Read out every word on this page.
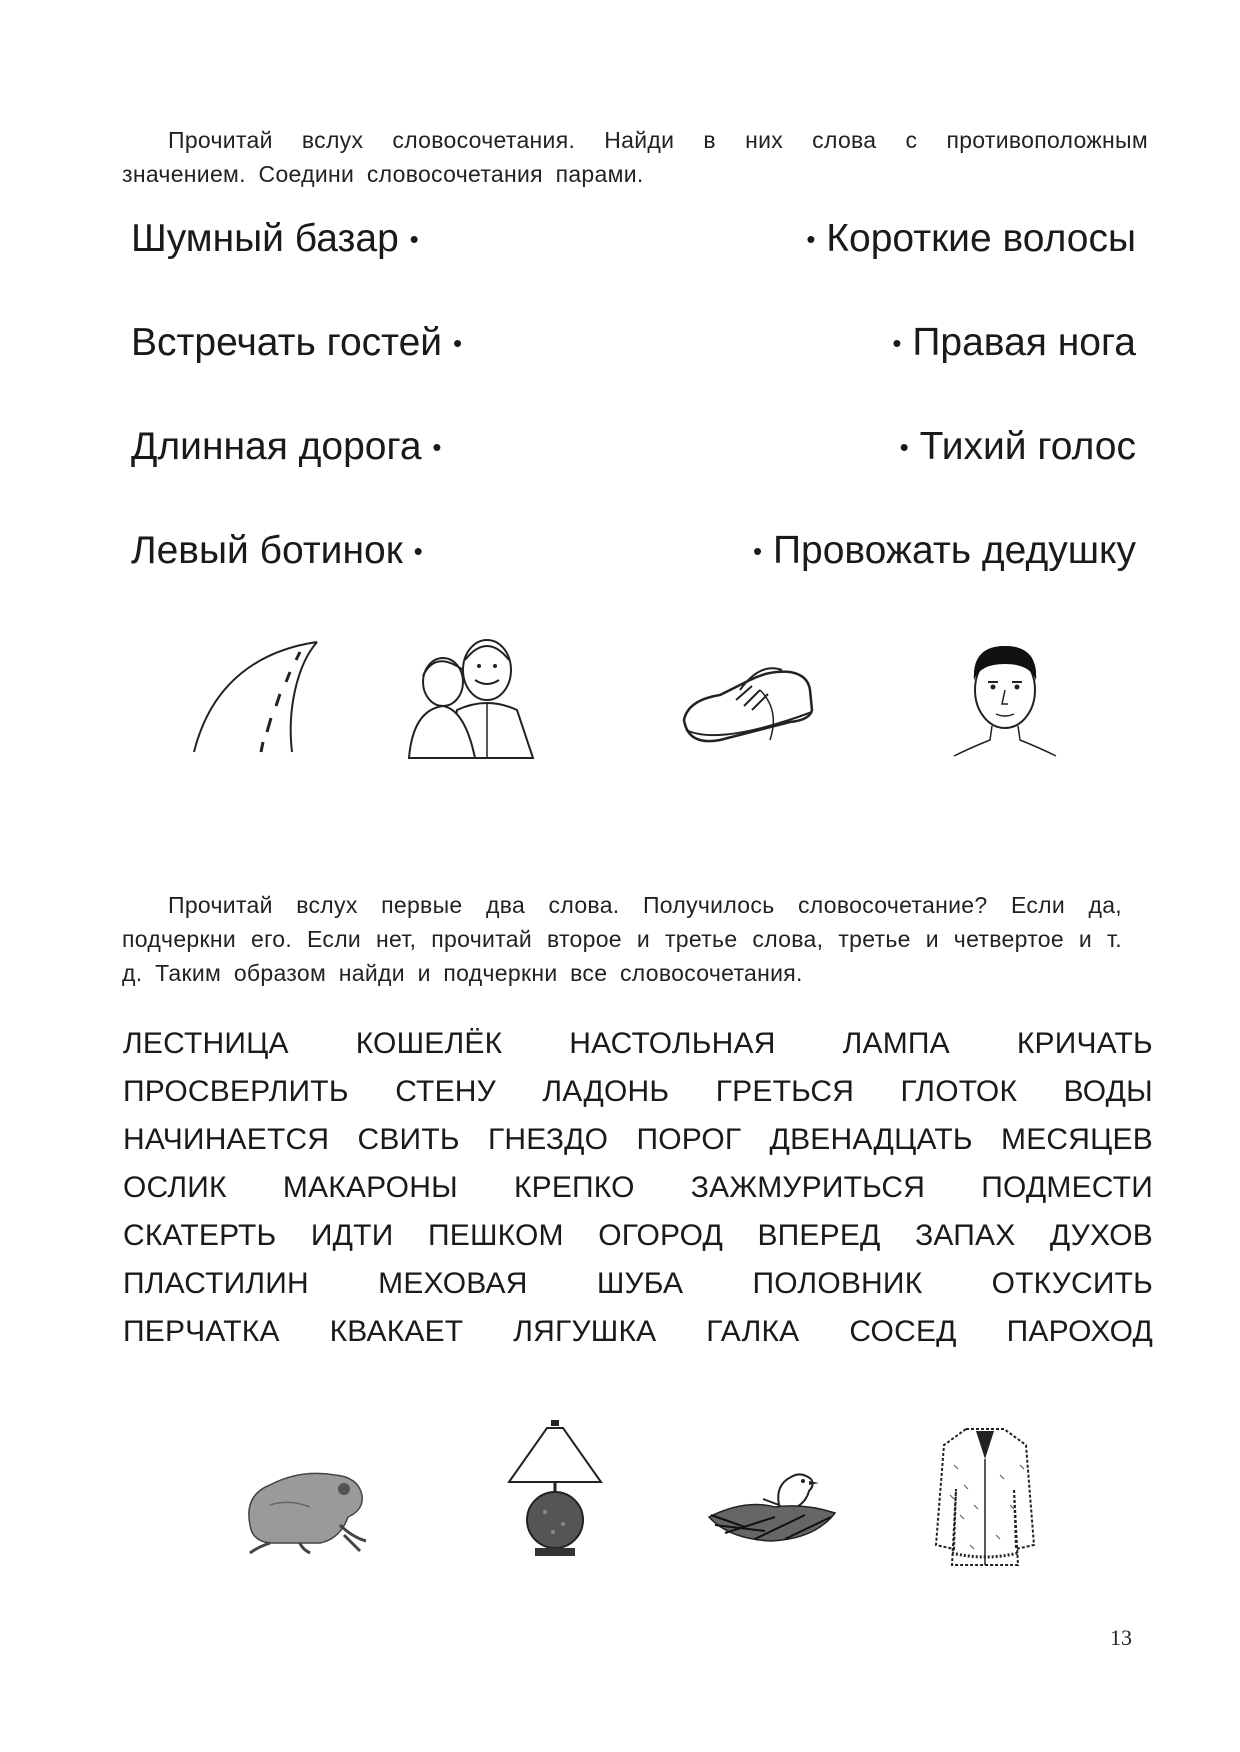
Прочитай вслух словосочетания. Найди в них слова с противоположным значением. Соедини словосочетания парами.

Шумный базар •
Встречать гостей •
Длинная дорога •
Левый ботинок •
• Короткие волосы
• Правая нога
• Тихий голос
• Провожать дедушку

Прочитай вслух первые два слова. Получилось словосочетание? Если да, подчеркни его. Если нет, прочитай второе и третье слова, третье и четвертое и т. д. Таким образом найди и подчеркни все словосочетания.

ЛЕСТНИЦА КОШЕЛЁК НАСТОЛЬНАЯ ЛАМПА КРИЧАТЬ
ПРОСВЕРЛИТЬ СТЕНУ ЛАДОНЬ ГРЕТЬСЯ ГЛОТОК ВОДЫ
НАЧИНАЕТСЯ СВИТЬ ГНЕЗДО ПОРОГ ДВЕНАДЦАТЬ МЕСЯЦЕВ
ОСЛИК МАКАРОНЫ КРЕПКО ЗАЖМУРИТЬСЯ ПОДМЕСТИ
СКАТЕРТЬ ИДТИ ПЕШКОМ ОГОРОД ВПЕРЕД ЗАПАХ ДУХОВ
ПЛАСТИЛИН МЕХОВАЯ ШУБА ПОЛОВНИК ОТКУСИТЬ
ПЕРЧАТКА КВАКАЕТ ЛЯГУШКА ГАЛКА СОСЕД ПАРОХОД
13
